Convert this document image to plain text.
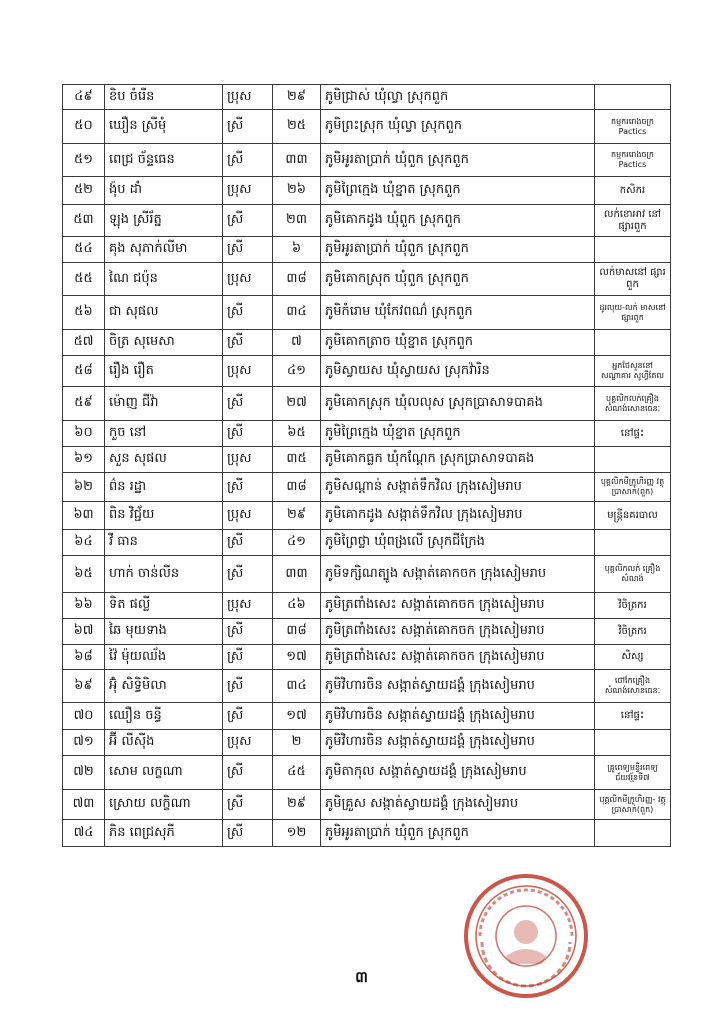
៤៩	ខិប ចំរើន	ប្រុស	២៩	ភូមិជ្រាស់ ឃុំល្វា ស្រុកពួក	
៥០	ឃឿន ស្រីមុំ	ស្រី	២៥	ភូមិព្រះស្រុក ឃុំល្វា ស្រុកពួក	កម្មកររោងចក្រ Pactics
៥១	ពេជ្រ ច័ន្ទធេន	ស្រី	៣៣	ភូមិអូរតាប្រាក់ ឃុំពួក ស្រុកពួក	កម្មកររោងចក្រ Pactics
៥២	ង៉ុប ដាំ	ប្រុស	២៦	ភូមិព្រៃក្មេង ឃុំខ្នាត ស្រុកពួក	កសិករ
៥៣	ឡុង ស្រីរ័ត្ន	ស្រី	២៣	ភូមិគោកដូង ឃុំពួក ស្រុកពួក	លក់ខោអាវ នៅផ្សារពួក
៥៤	គុង សុភាក់លីមា	ស្រី	៦	ភូមិអូរតាប្រាក់ ឃុំពួក ស្រុកពួក	
៥៥	ណៃ ជប៉ុន	ប្រុស	៣៨	ភូមិគោកស្រុក ឃុំពួក ស្រុកពួក	លក់មាសនៅ ផ្សារពួក
៥៦	ជា សុផល	ស្រី	៣៤	ភូមិកំរោម ឃុំកែវពណ៌ ស្រុកពួក	ដូរលុយ-លក់ មាសនៅផ្សារពួក
៥៧	ចិត្រ សុមេសា	ស្រី	៧	ភូមិគោកត្រាច ឃុំខ្នាត ស្រុកពួក	
៥៨	រឿង រឿត	ប្រុស	៤១	ភូមិស្វាយស ឃុំស្វាយស ស្រុកវ៉ារិន	អ្នកថែសួននៅ សណ្ឋាគារ សូហ្វីតែល
៥៩	ម៉ោញ ជីវ៉ា	ស្រី	២៧	ភូមិគោកស្រុក ឃុំលលុស ស្រុកប្រាសាទបាគង	បុគ្គលិកលក់គ្រឿង សំណង់សោនធេនៈ
៦០	កួច នៅ	ស្រី	៦៥	ភូមិព្រៃក្មេង ឃុំខ្នាត ស្រុកពួក	នៅផ្ទះ
៦១	សួន សុផល	ប្រុស	៣៥	ភូមិគោកធ្លក ឃុំកណ្ដែក ស្រុកប្រាសាទបាគង	
៦២	ព៌ន រដ្ឋា	ស្រី	៣៨	ភូមិសណ្ដាន់ សង្កាត់ទឹកវិល ក្រុងសៀមរាប	បុគ្គលិកមីក្រូហិរញ្ញ វត្ថុប្រាសាក់(ពួក)
៦៣	ពិន វិជ្ជ័យ	ប្រុស	២៩	ភូមិគោកដូង សង្កាត់ទឹកវិល ក្រុងសៀមរាប	មន្ត្រីនគរបាល
៦៤	វី ធាន	ស្រី	៤១	ភូមិព្រៃថ្លា ឃុំពង្រលើ ស្រុកជីក្រែង	
៦៥	ហាក់ ចាន់លីន	ស្រី	៣៣	ភូមិទក្សិណត្បូង សង្កាត់គោកចក ក្រុងសៀមរាប	បុគ្គលិកលក់ គ្រឿងសំណង់
៦៦	ទិត ផល្លី	ប្រុស	៤៦	ភូមិត្រពាំងសេះ សង្កាត់គោកចក ក្រុងសៀមរាប	វិចិត្រករ
៦៧	ឆៃ មុយទាង	ស្រី	៣៨	ភូមិត្រពាំងសេះ សង្កាត់គោកចក ក្រុងសៀមរាប	វិចិត្រករ
៦៨	វ៉ៃ ម៉ុយឈ័ង	ស្រី	១៧	ភូមិត្រពាំងសេះ សង្កាត់គោកចក ក្រុងសៀមរាប	សិស្ស
៦៩	អ៊ុំ សិទ្ធិមិលា	ស្រី	៣៤	ភូមិវិហារចិន សង្កាត់ស្វាយដង្គំ ក្រុងសៀមរាប	ថៅកែគ្រឿង សំណង់សោនធេនៈ
៧០	ឈឿន ចន្ធី	ស្រី	១៧	ភូមិវិហារចិន សង្កាត់ស្វាយដង្គំ ក្រុងសៀមរាប	នៅផ្ទះ
៧១	អ៊ី លីស៊ីង	ប្រុស	២	ភូមិវិហារចិន សង្កាត់ស្វាយដង្គំ ក្រុងសៀមរាប	
៧២	សោម លក្ខណា	ស្រី	៤៥	ភូមិតាកុល សង្កាត់ស្វាយដង្គំ ក្រុងសៀមរាប	គ្រូពេទ្យមន្ទីរពេទ្យ ជ័យវរ្ម័នទី៧
៧៣	ស្រោយ លក្ខិណា	ស្រី	២៩	ភូមិគ្រួស សង្កាត់ស្វាយដង្គំ ក្រុងសៀមរាប	បុគ្គលិកមីក្រូហិរញ្ញ- វត្ថុប្រាសាក់(ពួក)
៧៤	ភិន ពេជ្រសុភី	ស្រី	១២	ភូមិអូរតាប្រាក់ ឃុំពួក ស្រុកពួក	
៣
